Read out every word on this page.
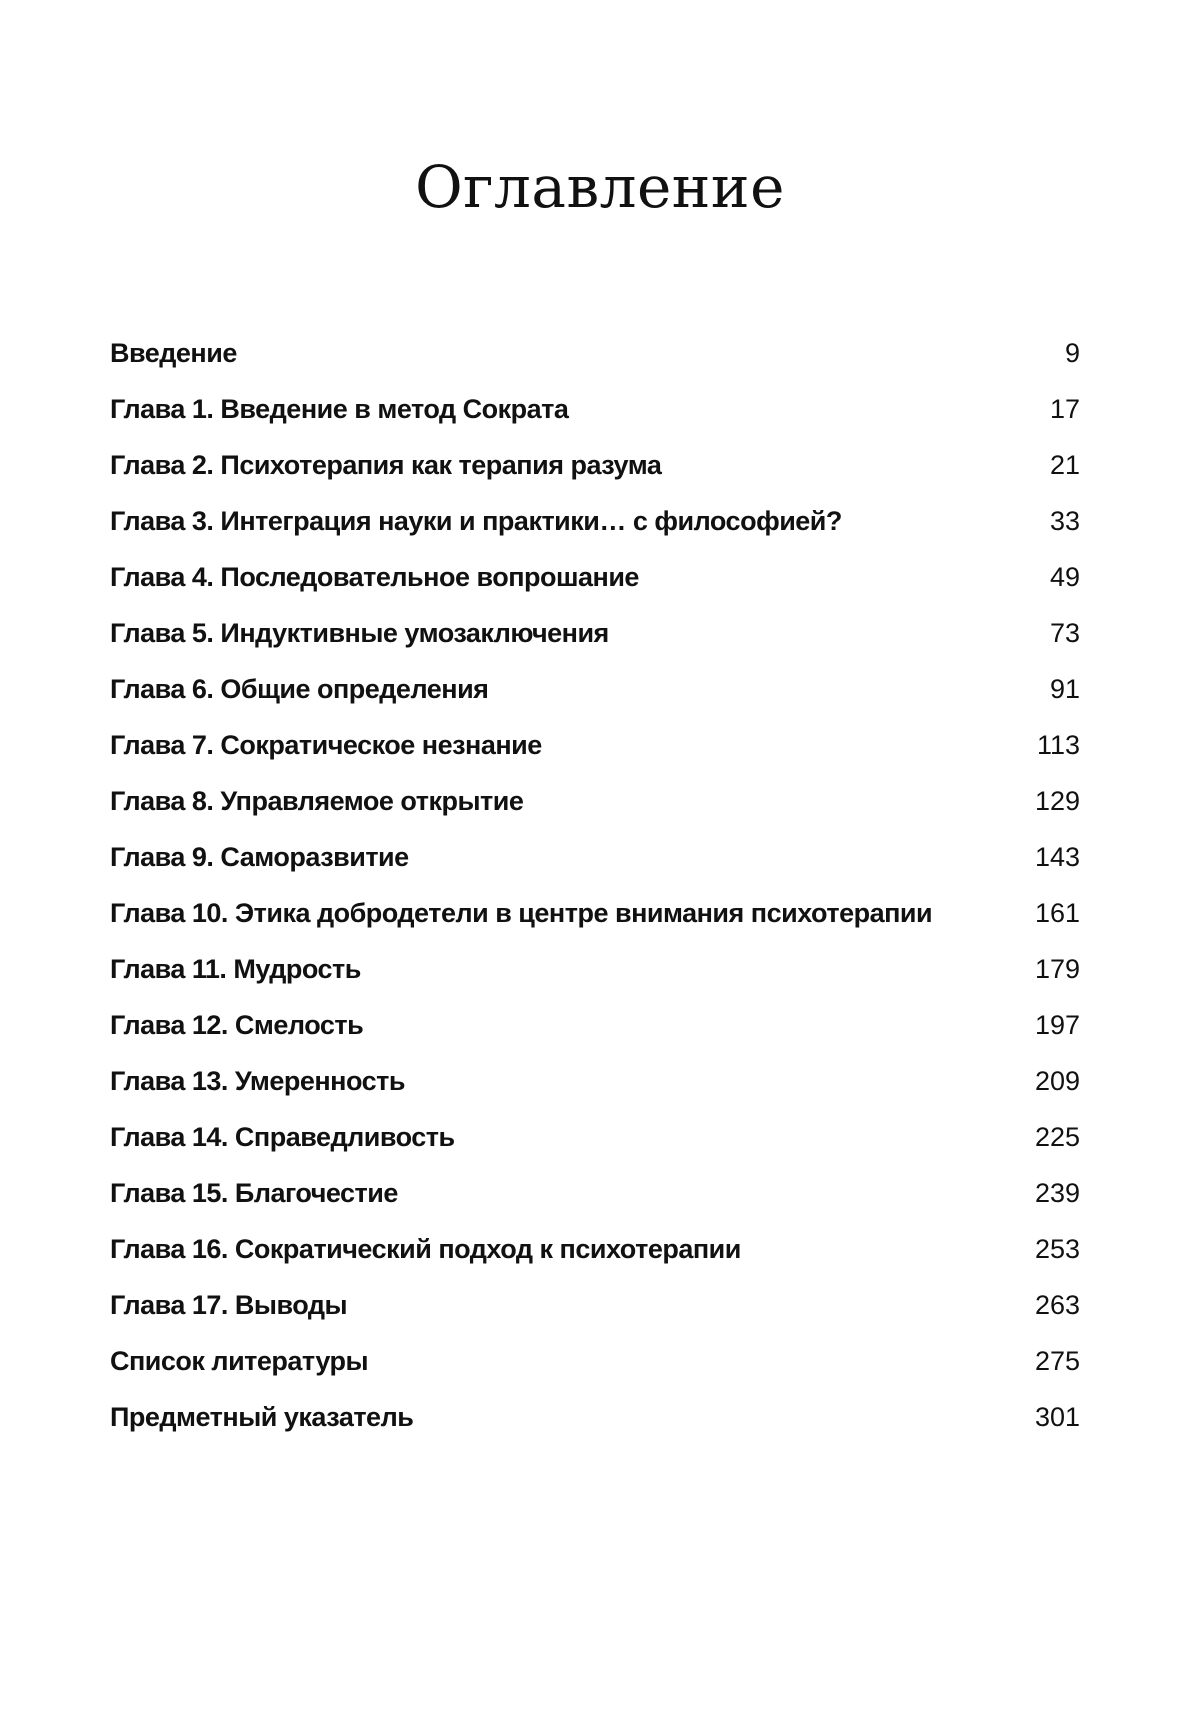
Оглавление
Введение	9
Глава 1. Введение в метод Сократа	17
Глава 2. Психотерапия как терапия разума	21
Глава 3. Интеграция науки и практики… с философией?	33
Глава 4. Последовательное вопрошание	49
Глава 5. Индуктивные умозаключения	73
Глава 6. Общие определения	91
Глава 7. Сократическое незнание	113
Глава 8. Управляемое открытие	129
Глава 9. Саморазвитие	143
Глава 10. Этика добродетели в центре внимания психотерапии	161
Глава 11. Мудрость	179
Глава 12. Смелость	197
Глава 13. Умеренность	209
Глава 14. Справедливость	225
Глава 15. Благочестие	239
Глава 16. Сократический подход к психотерапии	253
Глава 17. Выводы	263
Список литературы	275
Предметный указатель	301
